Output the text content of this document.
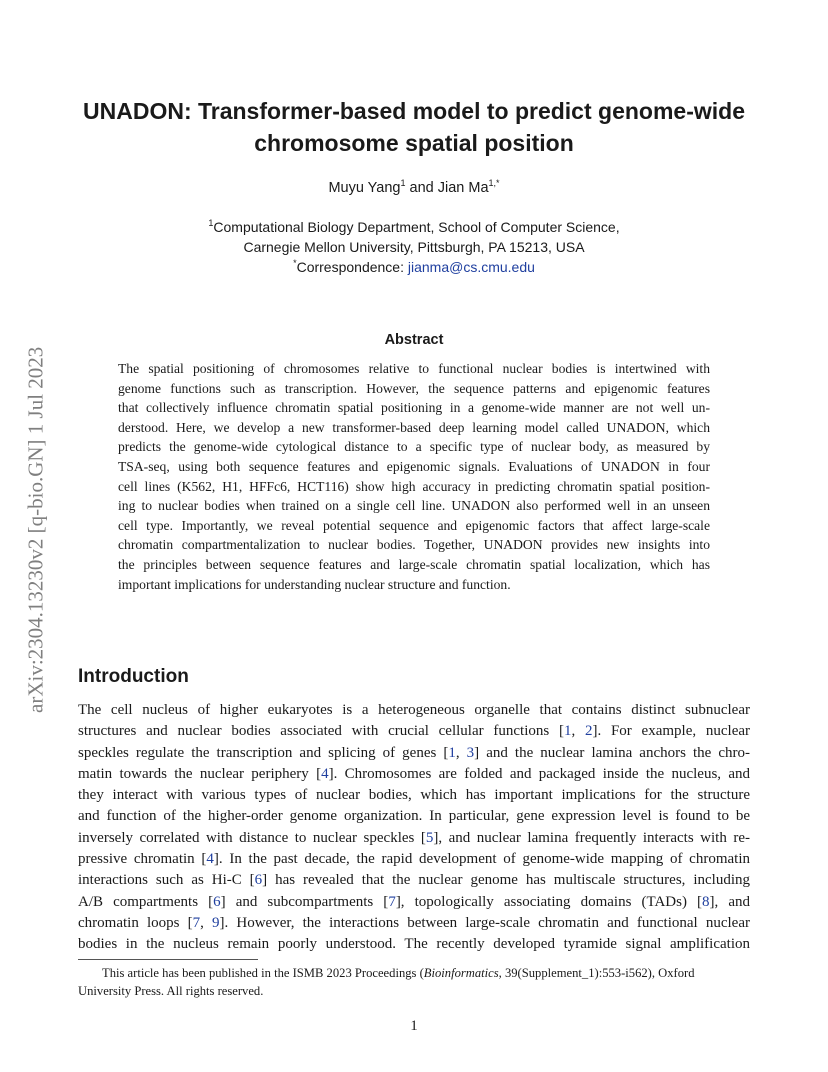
arXiv:2304.13230v2 [q-bio.GN] 1 Jul 2023
UNADON: Transformer-based model to predict genome-wide
chromosome spatial position
Muyu Yang$^1$ and Jian $Ma^{1,*}$
$^1$Computational Biology Department, School of Computer Science,
Carnegie Mellon University, Pittsburgh, PA 15213, USA
*Correspondence: jianma@cs.cmu.edu
Abstract
The spatial positioning of chromosomes relative to functional nuclear bodies is intertwined with
genome functions such as transcription. However, the sequence patterns and epigenomic features
that collectively influence chromatin spatial positioning in a genome-wide manner are not well un-
derstood. Here, we develop a new transformer-based deep learning model called UNADON, which
predicts the genome-wide cytological distance to a specific type of nuclear body, as measured by
TSA-seq, using both sequence features and epigenomic signals. Evaluations of UNADON in four
cell lines (K562, H1, HFFc6, HCT116) show high accuracy in predicting chromatin spatial position-
ing to nuclear bodies when trained on a single cell line. UNADON also performed well in an unseen
cell type. Importantly, we reveal potential sequence and epigenomic factors that affect large-scale
chromatin compartmentalization to nuclear bodies. Together, UNADON provides new insights into
the principles between sequence features and large-scale chromatin spatial localization, which has
important implications for understanding nuclear structure and function.
Introduction
The cell nucleus of higher eukaryotes is a heterogeneous organelle that contains distinct subnuclear
structures and nuclear bodies associated with crucial cellular functions [1, 2]. For example, nuclear
speckles regulate the transcription and splicing of genes [1, 3] and the nuclear lamina anchors the chro-
matin towards the nuclear periphery [4]. Chromosomes are folded and packaged inside the nucleus, and
they interact with various types of nuclear bodies, which has important implications for the structure
and function of the higher-order genome organization. In particular, gene expression level is found to be
inversely correlated with distance to nuclear speckles [5], and nuclear lamina frequently interacts with re-
pressive chromatin [4]. In the past decade, the rapid development of genome-wide mapping of chromatin
interactions such as Hi-C [6] has revealed that the nuclear genome has multiscale structures, including
A/B compartments [6] and subcompartments [7], topologically associating domains (TADs) [8], and
chromatin loops [7, 9]. However, the interactions between large-scale chromatin and functional nuclear
bodies in the nucleus remain poorly understood. The recently developed tyramide signal amplification
This article has been published in the ISMB 2023 Proceedings (Bioinformatics, 39(Supplement_1):553-i562), Oxford
University Press. All rights reserved.
1
